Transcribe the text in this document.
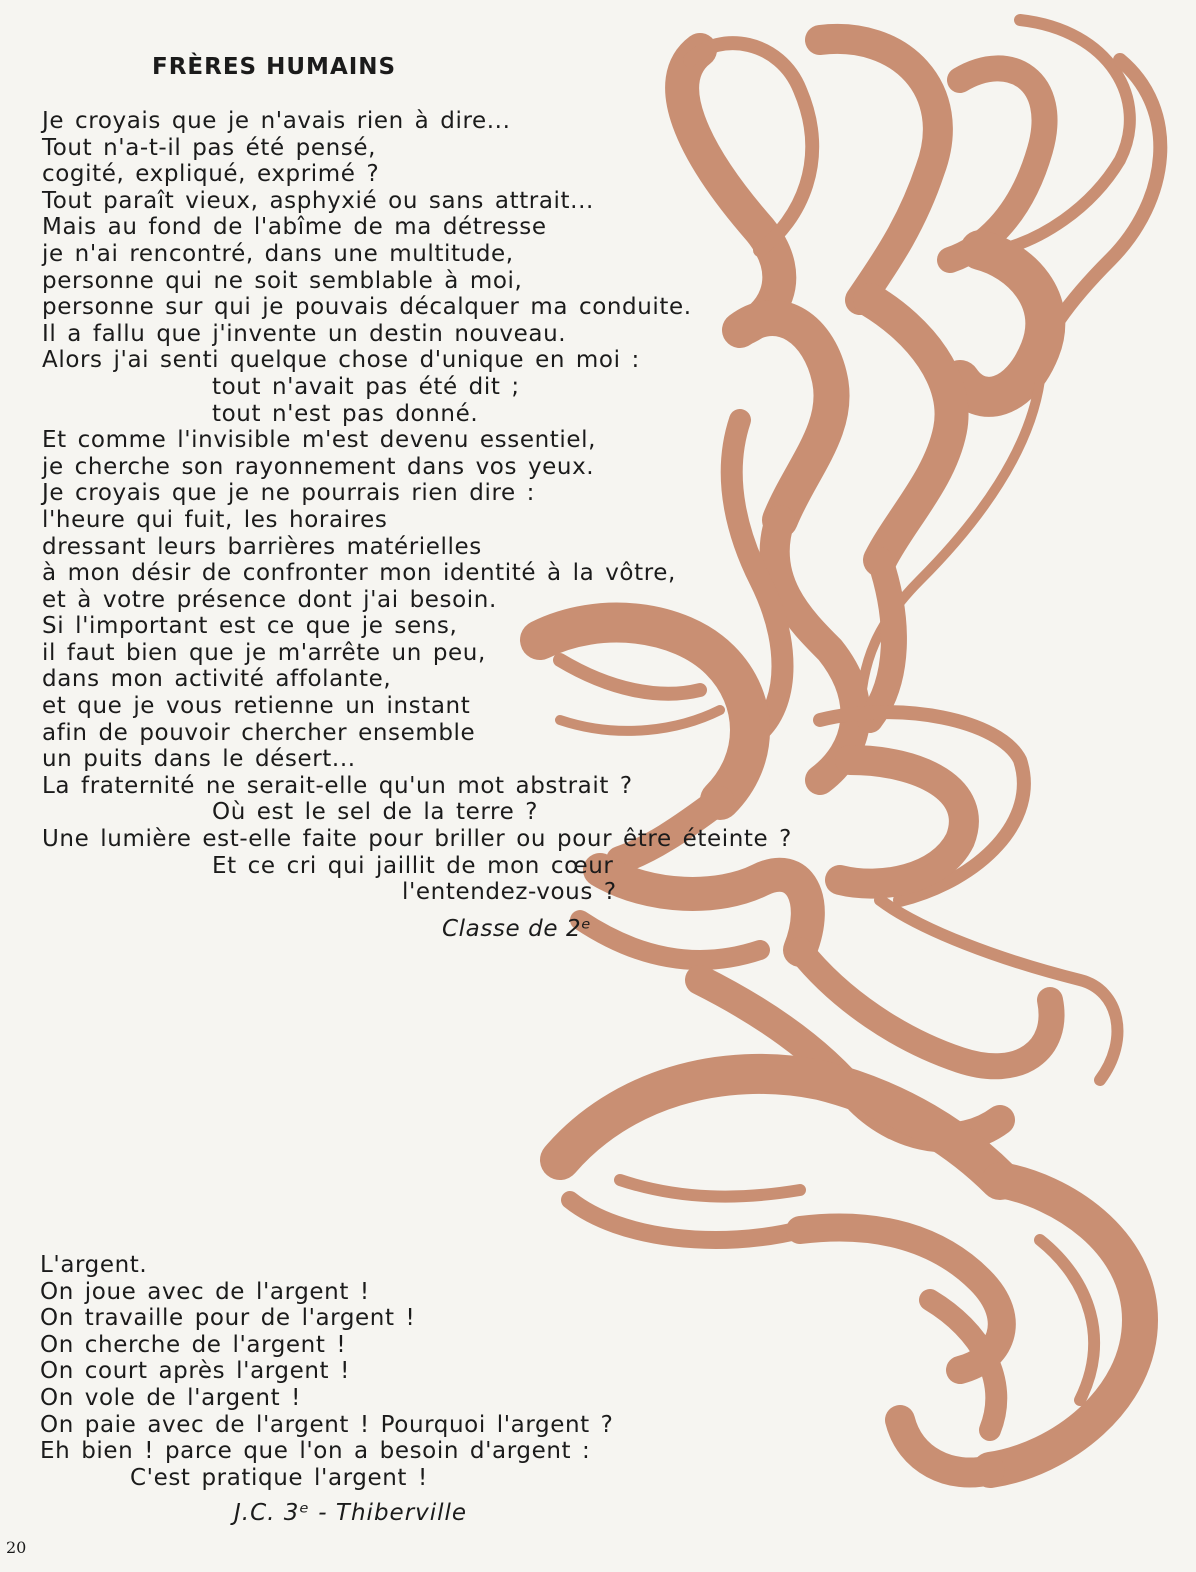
FRÈRES HUMAINS
Je croyais que je n'avais rien à dire...
Tout n'a-t-il pas été pensé,
cogité, expliqué, exprimé ?
Tout paraît vieux, asphyxié ou sans attrait...
Mais au fond de l'abîme de ma détresse
je n'ai rencontré, dans une multitude,
personne qui ne soit semblable à moi,
personne sur qui je pouvais décalquer ma conduite.
Il a fallu que j'invente un destin nouveau.
Alors j'ai senti quelque chose d'unique en moi :
tout n'avait pas été dit ;
tout n'est pas donné.
Et comme l'invisible m'est devenu essentiel,
je cherche son rayonnement dans vos yeux.
Je croyais que je ne pourrais rien dire :
l'heure qui fuit, les horaires
dressant leurs barrières matérielles
à mon désir de confronter mon identité à la vôtre,
et à votre présence dont j'ai besoin.
Si l'important est ce que je sens,
il faut bien que je m'arrête un peu,
dans mon activité affolante,
et que je vous retienne un instant
afin de pouvoir chercher ensemble
un puits dans le désert...
La fraternité ne serait-elle qu'un mot abstrait ?
Où est le sel de la terre ?
Une lumière est-elle faite pour briller ou pour être éteinte ?
Et ce cri qui jaillit de mon cœur
l'entendez-vous ?
Classe de 2ᵉ
L'argent.
On joue avec de l'argent !
On travaille pour de l'argent !
On cherche de l'argent !
On court après l'argent !
On vole de l'argent !
On paie avec de l'argent ! Pourquoi l'argent ?
Eh bien ! parce que l'on a besoin d'argent :
C'est pratique l'argent !
J.C. 3ᵉ - Thiberville
20
